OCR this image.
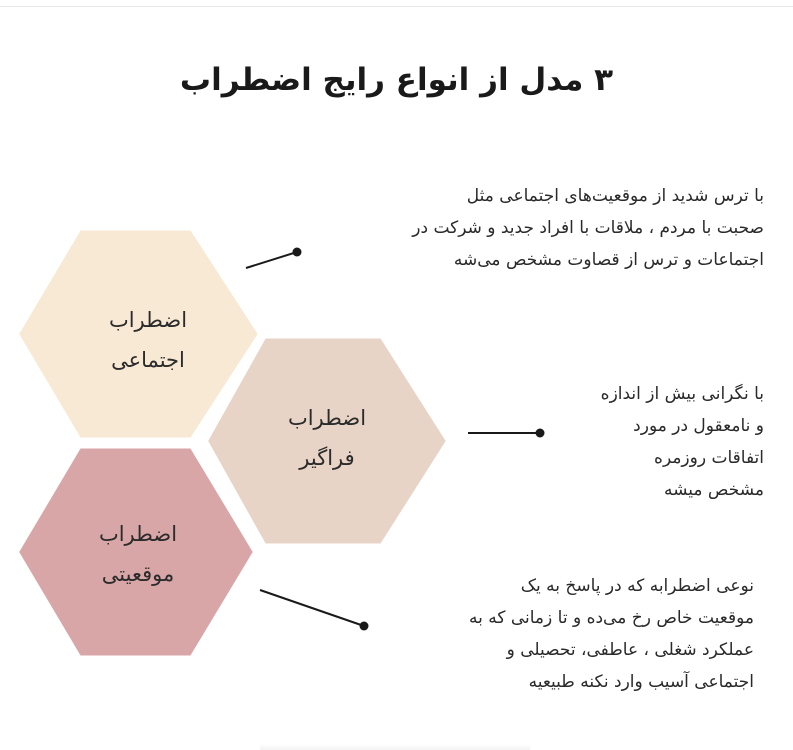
۳ مدل از انواع رایج اضطراب
اضطراب
اجتماعی
اضطراب
فراگیر
اضطراب
موقعیتی
با ترس شدید از موقعیت‌های اجتماعی مثل
صحبت با مردم ، ملاقات با افراد جدید و شرکت در
اجتماعات و ترس از قصاوت مشخص می‌شه
با نگرانی بیش از اندازه
و نامعقول در مورد
اتفاقات روزمره
مشخص میشه
نوعی اضطرابه که در پاسخ به یک
موقعیت خاص رخ می‌ده و تا زمانی که به
عملکرد شغلی ، عاطفی، تحصیلی و
اجتماعی آسیب وارد نکنه طبیعیه
